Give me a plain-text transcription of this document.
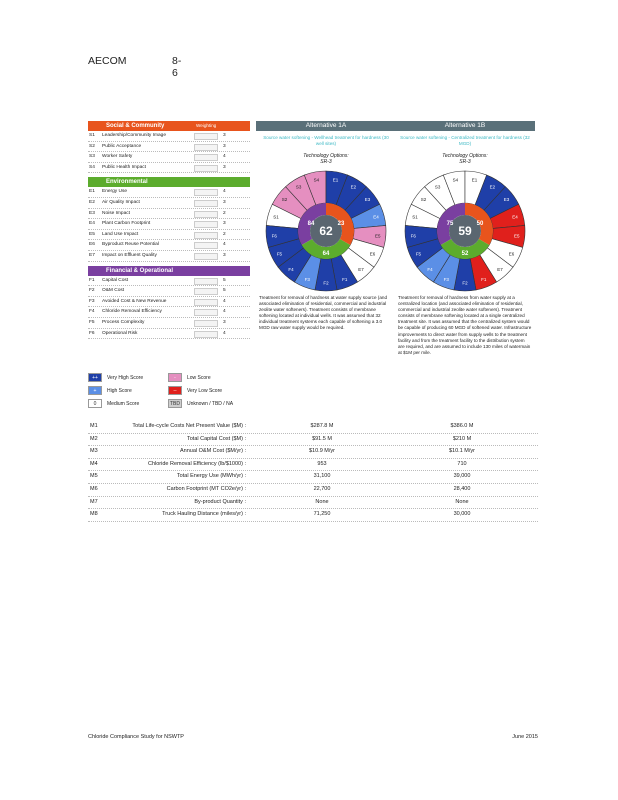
AECOM	8-6
Social & Community	Weighting
S1 Leadership/Community Image	3
S2 Public Acceptance	3
S3 Worker Safety	4
S4 Public Health Impact	3
Environmental
E1 Energy Use	4
E2 Air Quality Impact	3
E3 Noise Impact	2
E4 Plant Carbon Footprint	3
E5 Land Use Impact	2
E6 Byproduct Reuse Potential	4
E7 Impact on Effluent Quality	3
Financial & Operational
F1 Capital Cost	5
F2 O&M Cost	5
F3 Avoided Cost & New Revenue	4
F4 Chloride Removal Efficiency	4
F5 Process Complexity	3
F6 Operational Risk	4
++	Very High Score	-	Low Score
+	High Score	--	Very Low Score
0	Medium Score	TBD	Unknown / TBD / NA
Alternative 1A
Source water softening - Wellhead treatment for hardness (30 well sites)
Technology Options:
SR-3
S1
S2
S3
S4	E1
E2
E3
E4
E5
E6
E7
F1
F2
F3
F4
F5
F6	62
84	23
64
Treatment for removal of hardness at water supply source (and associated elimination of residential, commercial and industrial zeolite water softeners). Treatment consists of membrane softening located at individual wells. It was assumed that 32 individual treatment systems each capable of softening a 3.0 MGD raw water supply would be required.
Alternative 1B
Source water softening - Centralized treatment for hardness (32 MGD)
Technology Options:
SR-3
S1
S2
S3
S4	E1
E2
E3
E4
E5
E6
E7
F1
F2
F3
F4
F5
F6	59
75	50
52
Treatment for removal of hardness from water supply at a centralized location (and associated elimination of residential, commercial and industrial zeolite water softeners). Treatment consists of membrane softening located at a single centralized treatment site. It was assumed that the centralized system would be capable of producing 60 MGD of softened water. Infrastructure improvements to direct water from supply wells to the treatment facility and from the treatment facility to the distribution system are required, and are assumed to include 130 miles of watermain at $1M per mile.
M1	Total Life-cycle Costs Net Present Value ($M) :	$287.8 M	$386.0 M
M2	Total Capital Cost ($M) :	$91.5 M	$210 M
M3	Annual O&M Cost ($M/yr) :	$10.9 M/yr	$10.1 M/yr
M4	Chloride Removal Efficiency (lb/$1000) :	953	710
M5	Total Energy Use (MWh/yr) :	31,100	39,000
M6	Carbon Footprint (MT CO2e/yr) :	22,700	28,400
M7	By-product Quantity :	None	None
M8	Truck Hauling Distance (miles/yr) :	71,250	30,000
Chloride Compliance Study for NSWTP	June 2015
